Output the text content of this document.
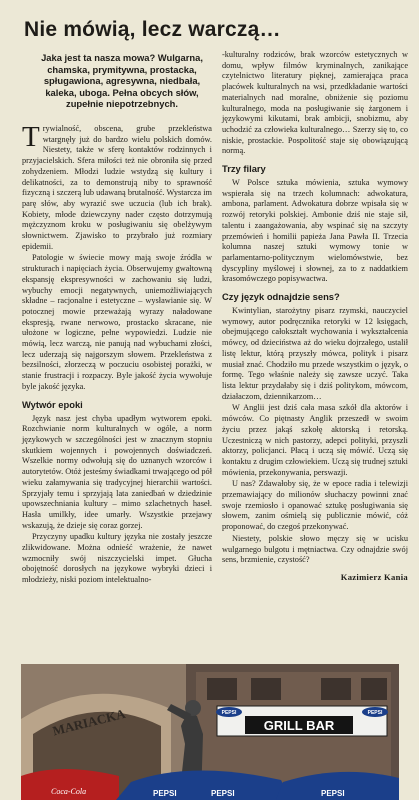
Nie mówią, lecz warczą…

Jaka jest ta nasza mowa? Wulgarna, chamska, prymitywna, prostacka, spługawiona, agresywna, niedbała, kaleka, uboga. Pełna obcych słów, zupełnie niepotrzebnych.

Trywialność, obscena, grube przekleństwa wtargnęły już do bardzo wielu polskich domów. Niestety, także w sferę kontaktów rodzinnych i przyjacielskich. Sfera miłości też nie obroniła się przed zohydzeniem. Młodzi ludzie wstydzą się kultury i delikatności, za to demonstrują niby to sprawność fizyczną i szczerą lub udawaną brutalność. Wystarcza im parę słów, aby wyrazić swe uczucia (lub ich brak). Kobiety, młode dziewczyny nader często dotrzymują mężczyznom kroku w posługiwaniu się obelżywym słownictwem. Zjawisko to przybrało już rozmiary epidemii.

Patologie w świecie mowy mają swoje źródła w strukturach i napięciach życia. Obserwujemy gwałtowną ekspansję ekspresywności w zachowaniu się ludzi, wybuchy emocji negatywnych, uniemożliwiających składne – racjonalne i estetyczne – wysławianie się. W potocznej mowie przeważają wyrazy naładowane ekspresją, rwane nerwowo, prostacko skracane, nie ułożone w logiczne, pełne wypowiedzi. Ludzie nie mówią, lecz warczą, nie panują nad wybuchami złości, lecz uderzają się najgorszym słowem. Przekleństwa z bezsilności, złorzeczą w poczuciu osobistej porażki, w stanie frustracji i rozpaczy. Byle jakość życia wywołuje byle jakość języka.

Wytwór epoki

Język nasz jest chyba upadłym wytworem epoki. Rozchwianie norm kulturalnych w ogóle, a norm językowych w szczególności jest w znacznym stopniu skutkiem wojennych i powojennych doświadczeń. Wszelkie normy odwołują się do uznanych wzorców i autorytetów. Otóż jesteśmy świadkami trwającego od pół wieku załamywania się tradycyjnej hierarchii wartości. Sprzyjały temu i sprzyjają lata zaniedbań w dziedzinie upowszechniania kultury – mimo szlachetnych haseł. Hasła umilkły, idee umarły. Wszystkie przejawy wskazują, że dzieje się coraz gorzej.

Przyczyny upadku kultury języka nie zostały jeszcze zlikwidowane. Można odnieść wrażenie, że nawet wzmocniły swój niszczycielski impet. Głucha obojętność dorosłych na językowe wybryki dzieci i młodzieży, niski poziom intelektualno-

-kulturalny rodziców, brak wzorców estetycznych w domu, wpływ filmów kryminalnych, zanikające czytelnictwo literatury pięknej, zamierająca praca placówek kulturalnych na wsi, przedkładanie wartości materialnych nad moralne, obniżenie się poziomu kulturalnego, moda na posługiwanie się żargonem i językowymi kikutami, brak ambicji, snobizmu, aby uchodzić za człowieka kulturalnego… Szerzy się to, co niskie, prostackie. Pospolitość staje się obowiązującą normą.

Trzy filary

W Polsce sztuka mówienia, sztuka wymowy wspierała się na trzech kolumnach: adwokatura, ambona, parlament. Adwokatura dobrze wpisała się w rozwój retoryki polskiej. Ambonie dziś nie staje sił, talentu i zaangażowania, aby wspinać się na szczyty przemówień i homilii papieża Jana Pawła II. Trzecia kolumna naszej sztuki wymowy tonie w parlamentarno-politycznym wielomówstwie, bez dyscypliny myślowej i słownej, za to z naddatkiem krasomówczego popisywactwa.

Czy język odnajdzie sens?

Kwintylian, starożytny pisarz rzymski, nauczyciel wymowy, autor podręcznika retoryki w 12 księgach, obejmującego całokształt wychowania i wykształcenia mówcy, od dzieciństwa aż do wieku dojrzałego, ustalił listę lektur, którą przyszły mówca, polityk i pisarz musiał znać. Chodziło mu przede wszystkim o język, o formę. Tego właśnie należy się zawsze uczyć. Taka lista lektur przydałaby się i dziś politykom, mówcom, działaczom, dziennikarzom…

W Anglii jest dziś cała masa szkół dla aktorów i mówców. Co piętnasty Anglik przeszedł w swoim życiu przez jakąś szkołę aktorską i retorską. Uczestniczą w nich pastorzy, adepci polityki, przyszli aktorzy, policjanci. Płacą i uczą się mówić. Uczą się kontaktu z drugim człowiekiem. Uczą się trudnej sztuki mówienia, przekonywania, perswazji.

U nas? Zdawałoby się, że w epoce radia i telewizji przemawiający do milionów słuchaczy powinni znać swoje rzemiosło i opanować sztukę posługiwania się słowem, zanim ośmielą się publicznie mówić, cóż proponować, do czegoś przekonywać.

Niestety, polskie słowo męczy się w ucisku wulgarnego bulgotu i mętniactwa. Czy odnajdzie swój sens, brzmienie, czystość?

Kazimierz Kania
PEPSI	PEPSI
GRILL BAR
MARIACKA
Coca-Cola	PEPSI	PEPSI	PEPSI
